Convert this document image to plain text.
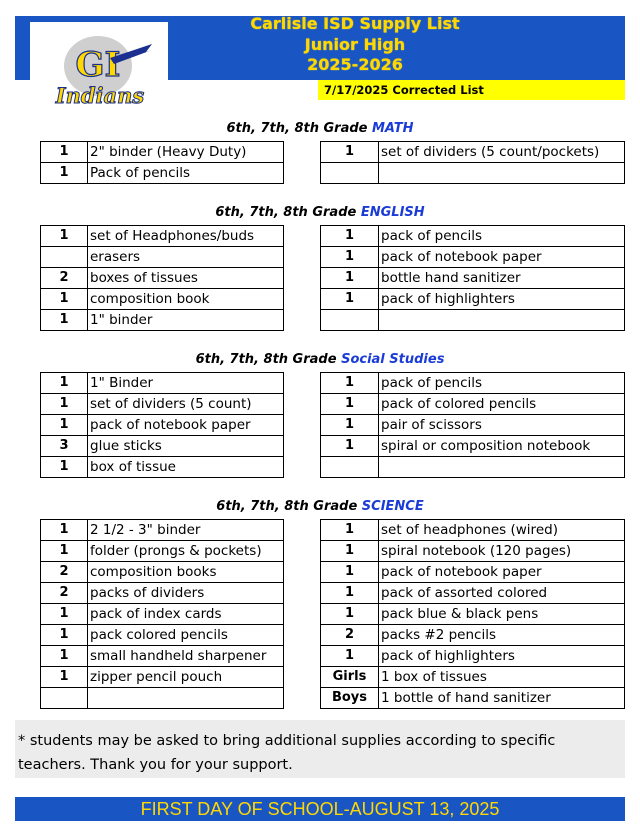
GI
Indians
Carlisle ISD Supply List
Junior High
2025-2026
7/17/2025 Corrected List
6th, 7th, 8th Grade MATH
1	2" binder (Heavy Duty)
1	Pack of pencils
1	set of dividers (5 count/pockets)

6th, 7th, 8th Grade ENGLISH
1	set of Headphones/buds
	erasers
2	boxes of tissues
1	composition book
1	1" binder
1	pack of pencils
1	pack of notebook paper
1	bottle hand sanitizer
1	pack of highlighters

6th, 7th, 8th Grade Social Studies
1	1" Binder
1	set of dividers (5 count)
1	pack of notebook paper
3	glue sticks
1	box of tissue
1	pack of pencils
1	pack of colored pencils
1	pair of scissors
1	spiral or composition notebook

6th, 7th, 8th Grade SCIENCE
1	2 1/2 - 3" binder
1	folder (prongs & pockets)
2	composition books
2	packs of dividers
1	pack of index cards
1	pack colored pencils
1	small handheld sharpener
1	zipper pencil pouch

1	set of headphones (wired)
1	spiral notebook (120 pages)
1	pack of notebook paper
1	pack of assorted colored
1	pack blue & black pens
2	packs #2 pencils
1	pack of highlighters
Girls	1 box of tissues
Boys	1 bottle of hand sanitizer
* students may be asked to bring additional supplies according to specific teachers. Thank you for your support.
FIRST DAY OF SCHOOL-AUGUST 13, 2025
